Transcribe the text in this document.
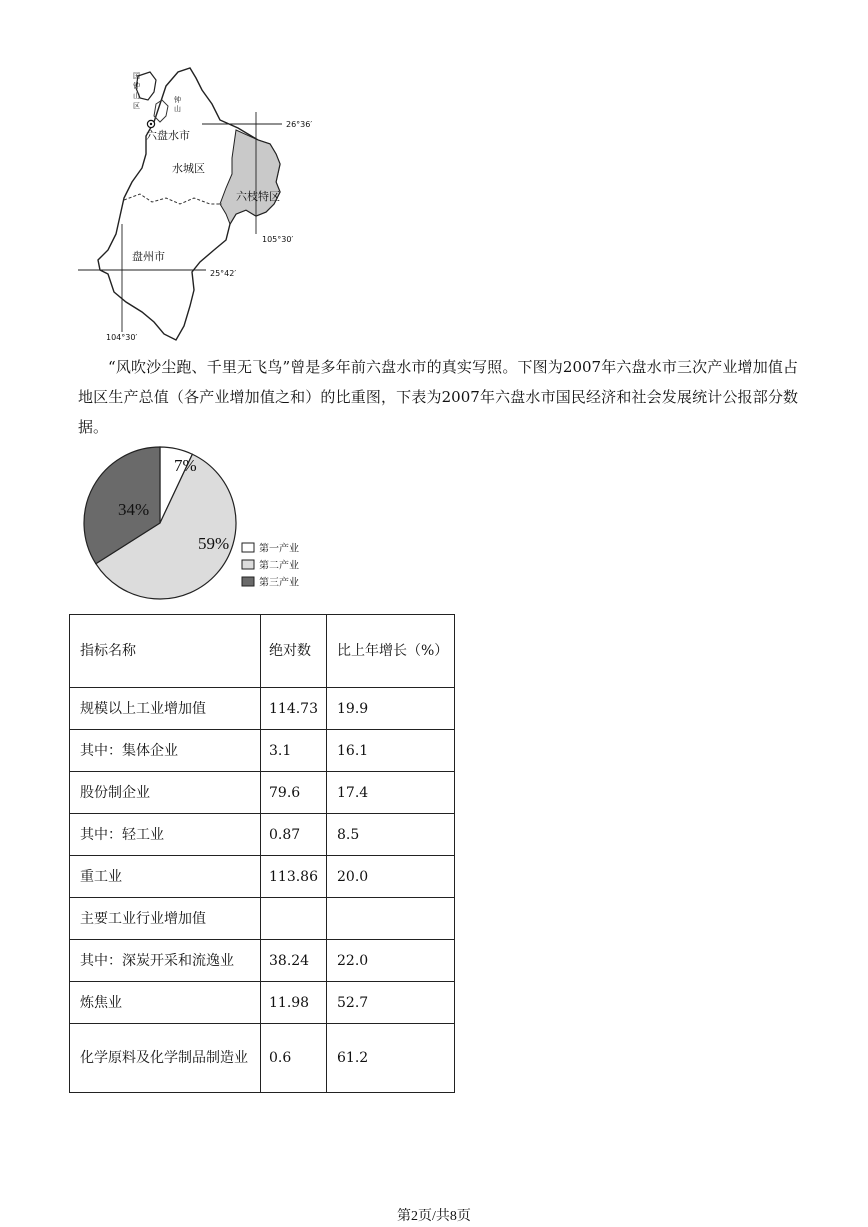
国
钟
山
区
钟
山
六盘水市
水城区
六枝特区
盘州市
26°36′
25°42′
105°30′
104°30′

“风吹沙尘跑、千里无飞鸟”曾是多年前六盘水市的真实写照。下图为2007年六盘水市三次产业增加值占地区生产总值（各产业增加值之和）的比重图，下表为2007年六盘水市国民经济和社会发展统计公报部分数据。

7%
59%
34%
第一产业
第二产业
第三产业
指标名称	绝对数	比上年增长（%）
规模以上工业增加值	114.73	19.9
其中：集体企业	3.1	16.1
股份制企业	79.6	17.4
其中：轻工业	0.87	8.5
重工业	113.86	20.0
主要工业行业增加值		
其中：深炭开采和流逸业	38.24	22.0
炼焦业	11.98	52.7
化学原料及化学制品制造业	0.6	61.2
第2页/共8页
